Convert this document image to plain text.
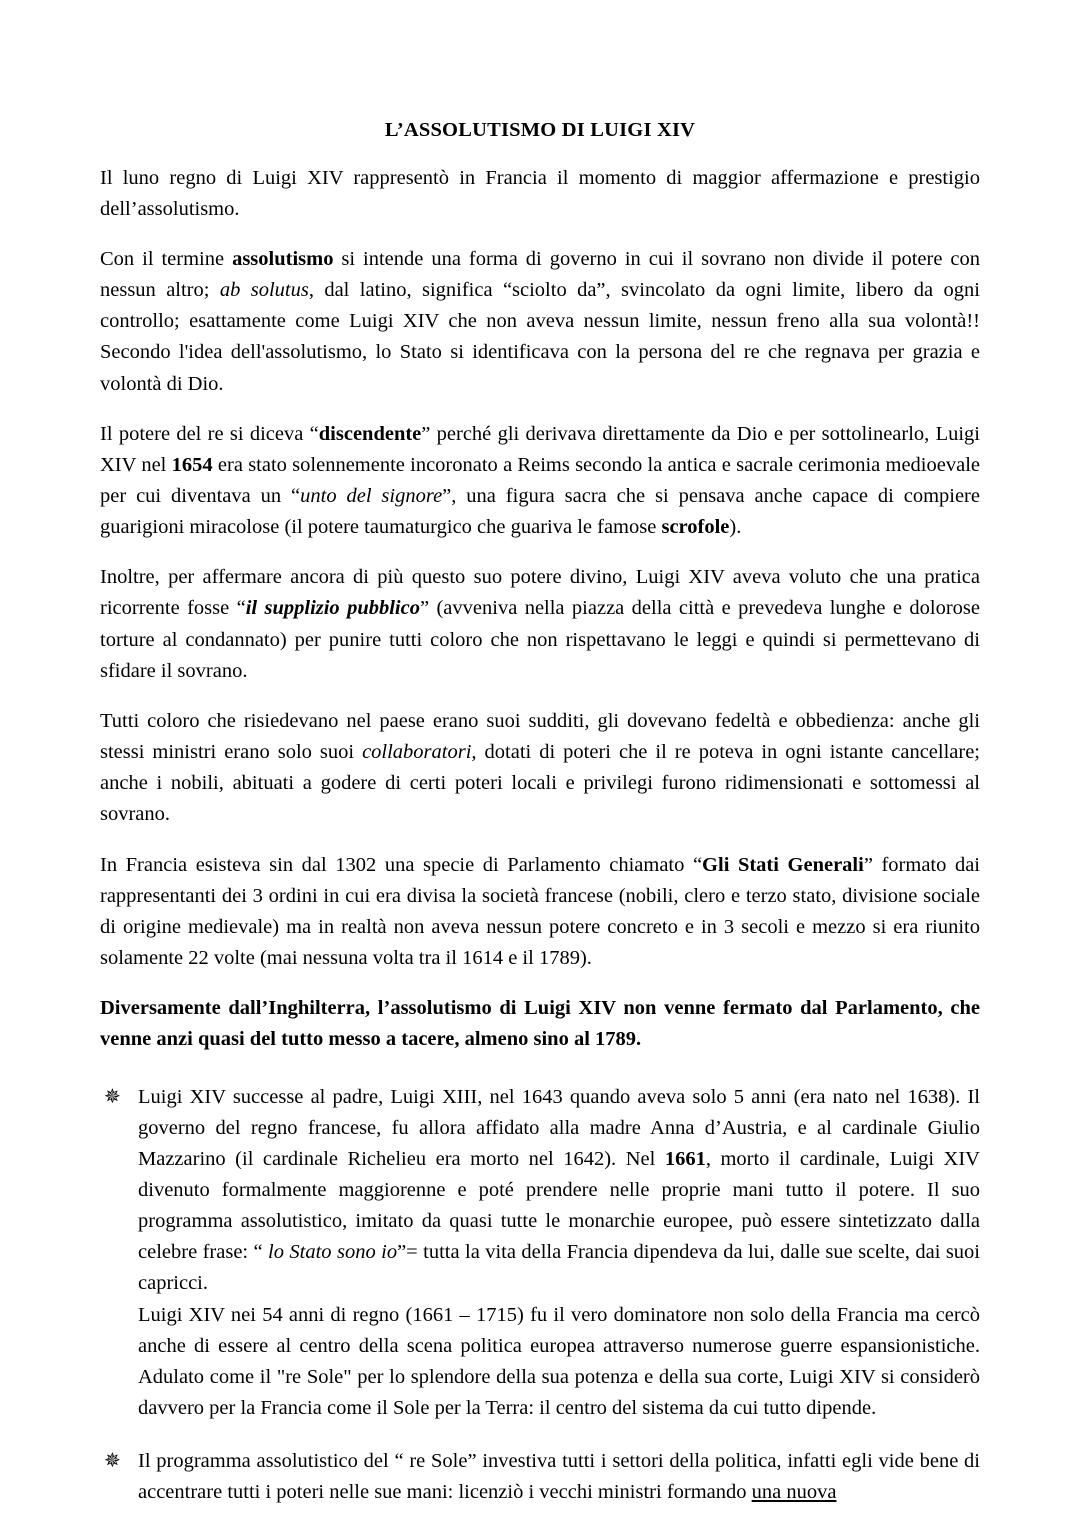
L’ASSOLUTISMO DI LUIGI XIV

Il luno regno di Luigi XIV rappresentò in Francia il momento di maggior affermazione e prestigio dell’assolutismo.

Con il termine assolutismo si intende una forma di governo in cui il sovrano non divide il potere con nessun altro; ab solutus, dal latino, significa “sciolto da”, svincolato da ogni limite, libero da ogni controllo; esattamente come Luigi XIV che non aveva nessun limite, nessun freno alla sua volontà!! Secondo l'idea dell'assolutismo, lo Stato si identificava con la persona del re che regnava per grazia e volontà di Dio.

Il potere del re si diceva “discendente” perché gli derivava direttamente da Dio e per sottolinearlo, Luigi XIV nel 1654 era stato solennemente incoronato a Reims secondo la antica e sacrale cerimonia medioevale per cui diventava un “unto del signore”, una figura sacra che si pensava anche capace di compiere guarigioni miracolose (il potere taumaturgico che guariva le famose scrofole).

Inoltre, per affermare ancora di più questo suo potere divino, Luigi XIV aveva voluto che una pratica ricorrente fosse “il supplizio pubblico” (avveniva nella piazza della città e prevedeva lunghe e dolorose torture al condannato) per punire tutti coloro che non rispettavano le leggi e quindi si permettevano di sfidare il sovrano.

Tutti coloro che risiedevano nel paese erano suoi sudditi, gli dovevano fedeltà e obbedienza: anche gli stessi ministri erano solo suoi collaboratori, dotati di poteri che il re poteva in ogni istante cancellare; anche i nobili, abituati a godere di certi poteri locali e privilegi furono ridimensionati e sottomessi al sovrano.

In Francia esisteva sin dal 1302 una specie di Parlamento chiamato “Gli Stati Generali” formato dai rappresentanti dei 3 ordini in cui era divisa la società francese (nobili, clero e terzo stato, divisione sociale di origine medievale) ma in realtà non aveva nessun potere concreto e in 3 secoli e mezzo si era riunito solamente 22 volte (mai nessuna volta tra il 1614 e il 1789).

Diversamente dall’Inghilterra, l’assolutismo di Luigi XIV non venne fermato dal Parlamento, che venne anzi quasi del tutto messo a tacere, almeno sino al 1789.

✵ Luigi XIV successe al padre, Luigi XIII, nel 1643 quando aveva solo 5 anni (era nato nel 1638). Il governo del regno francese, fu allora affidato alla madre Anna d’Austria, e al cardinale Giulio Mazzarino (il cardinale Richelieu era morto nel 1642). Nel 1661, morto il cardinale, Luigi XIV divenuto formalmente maggiorenne e poté prendere nelle proprie mani tutto il potere. Il suo programma assolutistico, imitato da quasi tutte le monarchie europee, può essere sintetizzato dalla celebre frase: “ lo Stato sono io”= tutta la vita della Francia dipendeva da lui, dalle sue scelte, dai suoi capricci.
Luigi XIV nei 54 anni di regno (1661 – 1715) fu il vero dominatore non solo della Francia ma cercò anche di essere al centro della scena politica europea attraverso numerose guerre espansionistiche. Adulato come il "re Sole" per lo splendore della sua potenza e della sua corte, Luigi XIV si considerò davvero per la Francia come il Sole per la Terra: il centro del sistema da cui tutto dipende.
✵ Il programma assolutistico del “ re Sole” investiva tutti i settori della politica, infatti egli vide bene di accentrare tutti i poteri nelle sue mani: licenziò i vecchi ministri formando una nuova
